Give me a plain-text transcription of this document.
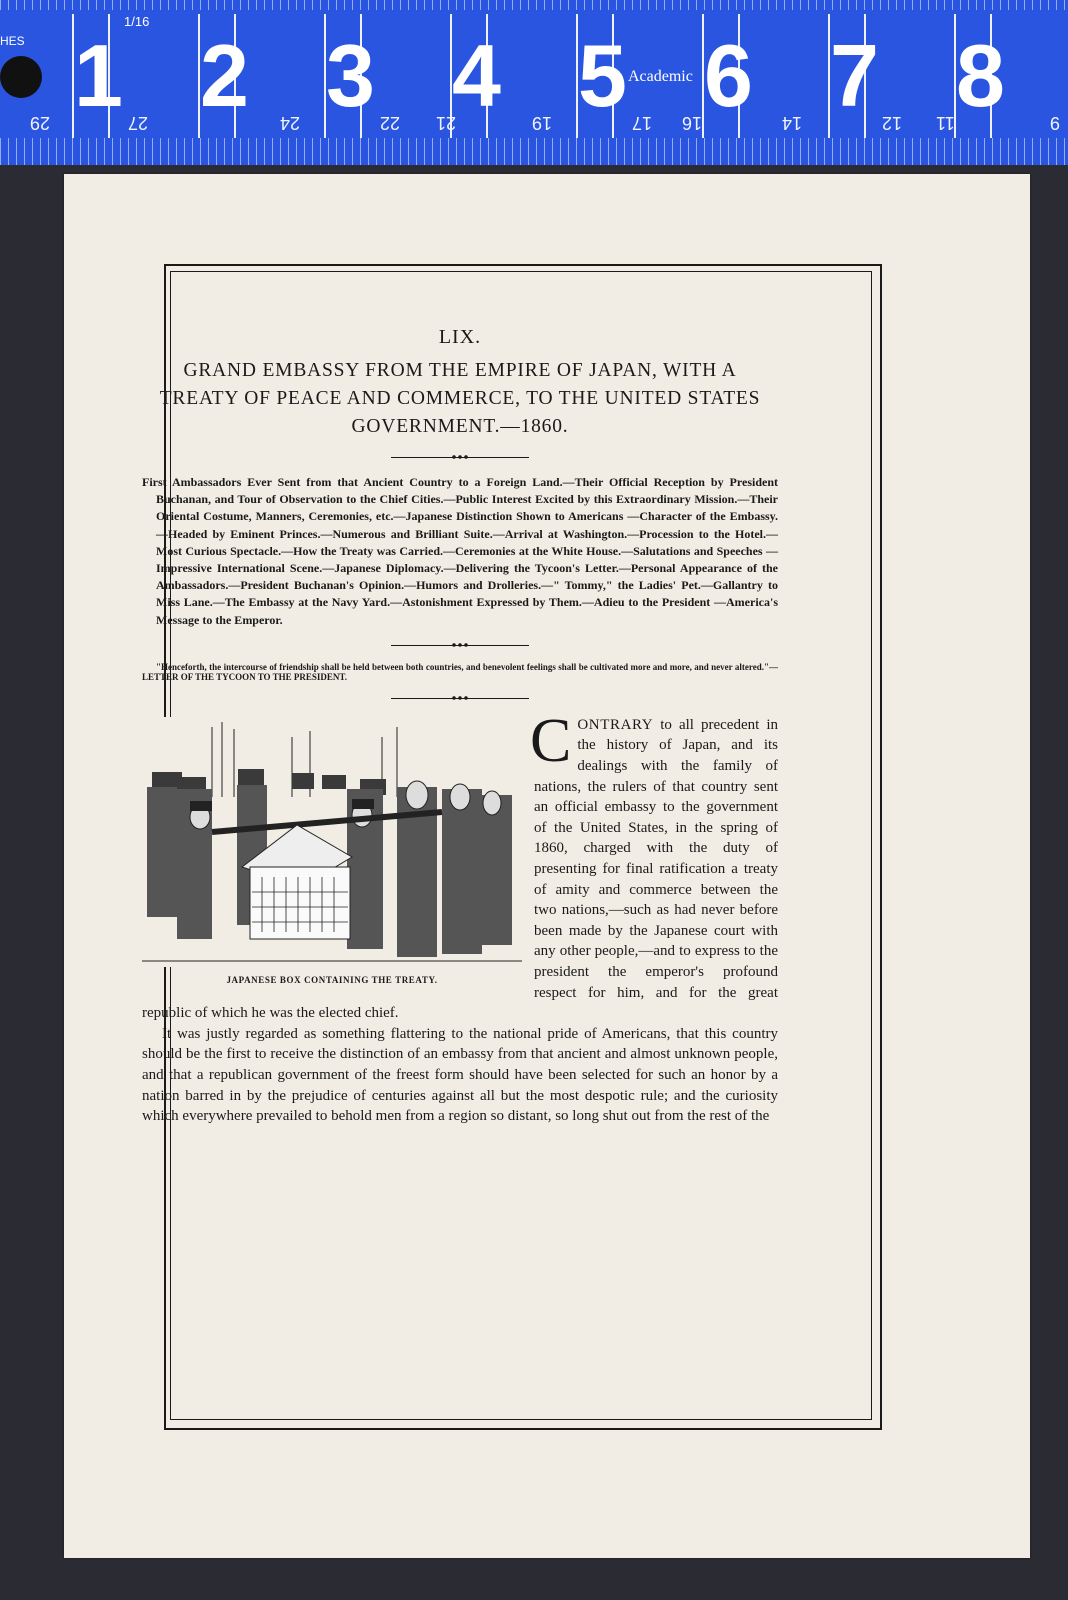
HES
1/16
Academic
1 2 3 4 5 6 7 8
29	27	24	22 21	19	17 16	14	12 11	9

LIX.

GRAND EMBASSY FROM THE EMPIRE OF JAPAN, WITH A TREATY OF PEACE AND COMMERCE, TO THE UNITED STATES GOVERNMENT.—1860.

First Ambassadors Ever Sent from that Ancient Country to a Foreign Land.—Their Official Reception by President Buchanan, and Tour of Observation to the Chief Cities.—Public Interest Excited by this Extraordinary Mission.—Their Oriental Costume, Manners, Ceremonies, etc.—Japanese Distinction Shown to Americans —Character of the Embassy.—Headed by Eminent Princes.—Numerous and Brilliant Suite.—Arrival at Washington.—Procession to the Hotel.—Most Curious Spectacle.—How the Treaty was Carried.—Ceremonies at the White House.—Salutations and Speeches —Impressive International Scene.—Japanese Diplomacy.—Delivering the Tycoon's Letter.—Personal Appearance of the Ambassadors.—President Buchanan's Opinion.—Humors and Drolleries.—" Tommy," the Ladies' Pet.—Gallantry to Miss Lane.—The Embassy at the Navy Yard.—Astonishment Expressed by Them.—Adieu to the President —America's Message to the Emperor.

"Henceforth, the intercourse of friendship shall be held between both countries, and benevolent feelings shall be cultivated more and more, and never altered."—LETTER OF THE TYCOON TO THE PRESIDENT.

JAPANESE BOX CONTAINING THE TREATY.

CONTRARY to all precedent in the history of Japan, and its dealings with the family of nations, the rulers of that country sent an official embassy to the government of the United States, in the spring of 1860, charged with the duty of presenting for final ratification a treaty of amity and commerce between the two nations,—such as had never before been made by the Japanese court with any other people,—and to express to the president the emperor's profound respect for him, and for the great republic of which he was the elected chief.

It was justly regarded as something flattering to the national pride of Americans, that this country should be the first to receive the distinction of an embassy from that ancient and almost unknown people, and that a republican government of the freest form should have been selected for such an honor by a nation barred in by the prejudice of centuries against all but the most despotic rule; and the curiosity which everywhere prevailed to behold men from a region so distant, so long shut out from the rest of the
